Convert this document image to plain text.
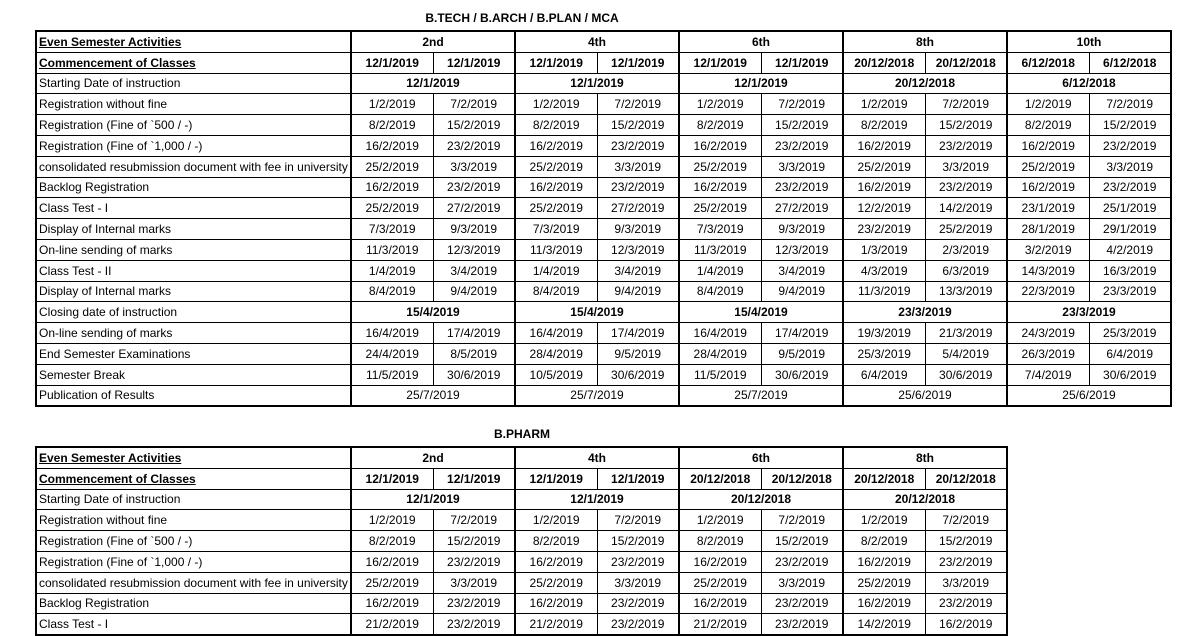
B.TECH / B.ARCH / B.PLAN / MCA
Even Semester Activities	2nd		4th		6th		8th		10th	
Commencement of Classes	12/1/2019	12/1/2019	12/1/2019	12/1/2019	12/1/2019	12/1/2019	20/12/2018	20/12/2018	6/12/2018	6/12/2018
Starting Date of instruction	12/1/2019		12/1/2019		12/1/2019		20/12/2018		6/12/2018	
Registration without fine	1/2/2019	7/2/2019	1/2/2019	7/2/2019	1/2/2019	7/2/2019	1/2/2019	7/2/2019	1/2/2019	7/2/2019
Registration (Fine of `500 / -)	8/2/2019	15/2/2019	8/2/2019	15/2/2019	8/2/2019	15/2/2019	8/2/2019	15/2/2019	8/2/2019	15/2/2019
Registration (Fine of `1,000 / -)	16/2/2019	23/2/2019	16/2/2019	23/2/2019	16/2/2019	23/2/2019	16/2/2019	23/2/2019	16/2/2019	23/2/2019
consolidated resubmission document with fee in university	25/2/2019	3/3/2019	25/2/2019	3/3/2019	25/2/2019	3/3/2019	25/2/2019	3/3/2019	25/2/2019	3/3/2019
Backlog Registration	16/2/2019	23/2/2019	16/2/2019	23/2/2019	16/2/2019	23/2/2019	16/2/2019	23/2/2019	16/2/2019	23/2/2019
Class Test - I	25/2/2019	27/2/2019	25/2/2019	27/2/2019	25/2/2019	27/2/2019	12/2/2019	14/2/2019	23/1/2019	25/1/2019
Display of Internal marks	7/3/2019	9/3/2019	7/3/2019	9/3/2019	7/3/2019	9/3/2019	23/2/2019	25/2/2019	28/1/2019	29/1/2019
On-line sending of marks	11/3/2019	12/3/2019	11/3/2019	12/3/2019	11/3/2019	12/3/2019	1/3/2019	2/3/2019	3/2/2019	4/2/2019
Class Test - II	1/4/2019	3/4/2019	1/4/2019	3/4/2019	1/4/2019	3/4/2019	4/3/2019	6/3/2019	14/3/2019	16/3/2019
Display of Internal marks	8/4/2019	9/4/2019	8/4/2019	9/4/2019	8/4/2019	9/4/2019	11/3/2019	13/3/2019	22/3/2019	23/3/2019
Closing date of instruction	15/4/2019		15/4/2019		15/4/2019		23/3/2019		23/3/2019	
On-line sending of marks	16/4/2019	17/4/2019	16/4/2019	17/4/2019	16/4/2019	17/4/2019	19/3/2019	21/3/2019	24/3/2019	25/3/2019
End Semester Examinations	24/4/2019	8/5/2019	28/4/2019	9/5/2019	28/4/2019	9/5/2019	25/3/2019	5/4/2019	26/3/2019	6/4/2019
Semester Break	11/5/2019	30/6/2019	10/5/2019	30/6/2019	11/5/2019	30/6/2019	6/4/2019	30/6/2019	7/4/2019	30/6/2019
Publication of Results	25/7/2019		25/7/2019		25/7/2019		25/6/2019		25/6/2019	
B.PHARM
Even Semester Activities	2nd		4th		6th		8th	
Commencement of Classes	12/1/2019	12/1/2019	12/1/2019	12/1/2019	20/12/2018	20/12/2018	20/12/2018	20/12/2018
Starting Date of instruction	12/1/2019		12/1/2019		20/12/2018		20/12/2018	
Registration without fine	1/2/2019	7/2/2019	1/2/2019	7/2/2019	1/2/2019	7/2/2019	1/2/2019	7/2/2019
Registration (Fine of `500 / -)	8/2/2019	15/2/2019	8/2/2019	15/2/2019	8/2/2019	15/2/2019	8/2/2019	15/2/2019
Registration (Fine of `1,000 / -)	16/2/2019	23/2/2019	16/2/2019	23/2/2019	16/2/2019	23/2/2019	16/2/2019	23/2/2019
consolidated resubmission document with fee in university	25/2/2019	3/3/2019	25/2/2019	3/3/2019	25/2/2019	3/3/2019	25/2/2019	3/3/2019
Backlog Registration	16/2/2019	23/2/2019	16/2/2019	23/2/2019	16/2/2019	23/2/2019	16/2/2019	23/2/2019
Class Test - I	21/2/2019	23/2/2019	21/2/2019	23/2/2019	21/2/2019	23/2/2019	14/2/2019	16/2/2019
